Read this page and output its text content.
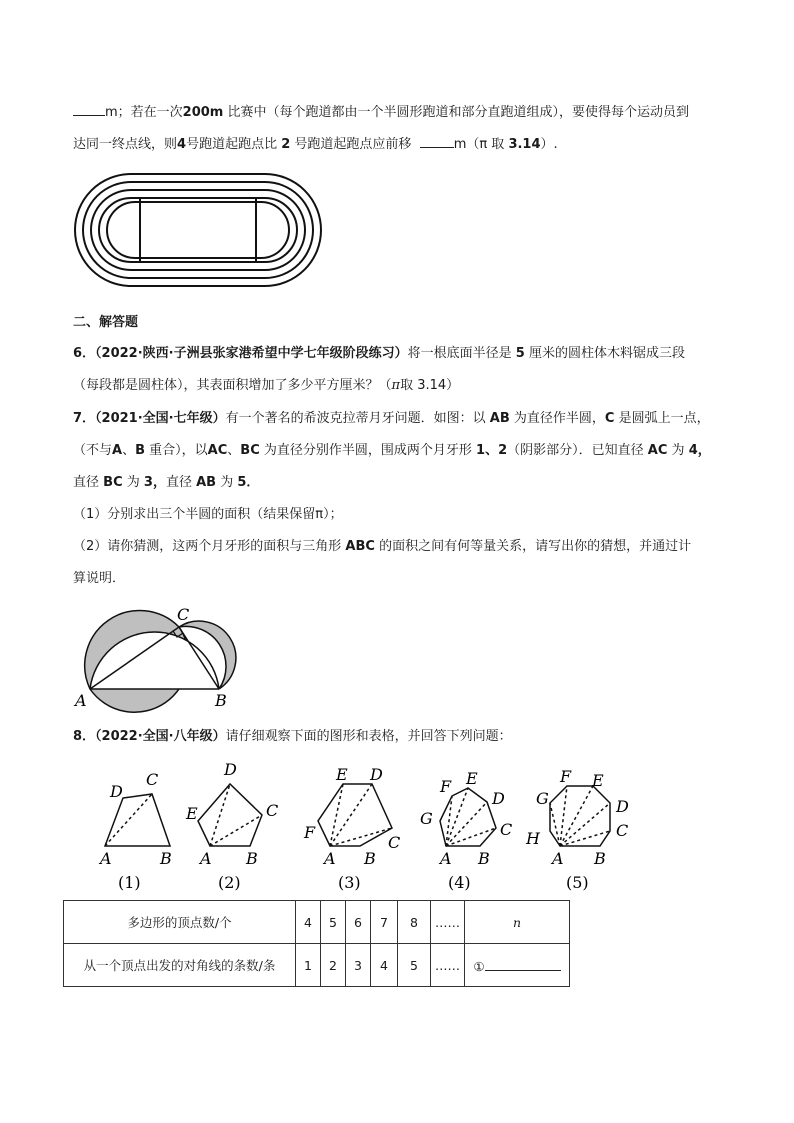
m；若在一次200m 比赛中（每个跑道都由一个半圆形跑道和部分直跑道组成），要使得每个运动员到
达同一终点线，则4号跑道起跑点比 2 号跑道起跑点应前移	m（π 取 3.14）.
二、解答题
6．（2022·陕西·子洲县张家港希望中学七年级阶段练习）将一根底面半径是 5 厘米的圆柱体木料锯成三段
（每段都是圆柱体），其表面积增加了多少平方厘米？（π取 3.14）
7．（2021·全国·七年级）有一个著名的希波克拉蒂月牙问题．如图：以 AB 为直径作半圆，C 是圆弧上一点，
（不与A、B 重合），以AC、BC 为直径分别作半圆，围成两个月牙形 1、2（阴影部分）．已知直径 AC 为 4，
直径 BC 为 3，直径 AB 为 5．
（1）分别求出三个半圆的面积（结果保留π）；
（2）请你猜测，这两个月牙形的面积与三角形 ABC 的面积之间有何等量关系，请写出你的猜想，并通过计
算说明．
A	B
C
8．（2022·全国·八年级）请仔细观察下面的图形和表格，并回答下列问题：
D
C
A	B
(1)
D
E	C
A B
(2)
E D
F
C
A B
(3)
F E
G
D
C
A B
(4)
F E
G	D
H	C
A B
(5)
多边形的顶点数/个	4	5	6	7	8	……	n
从一个顶点出发的对角线的条数/条	1	2	3	4	5	……	①
